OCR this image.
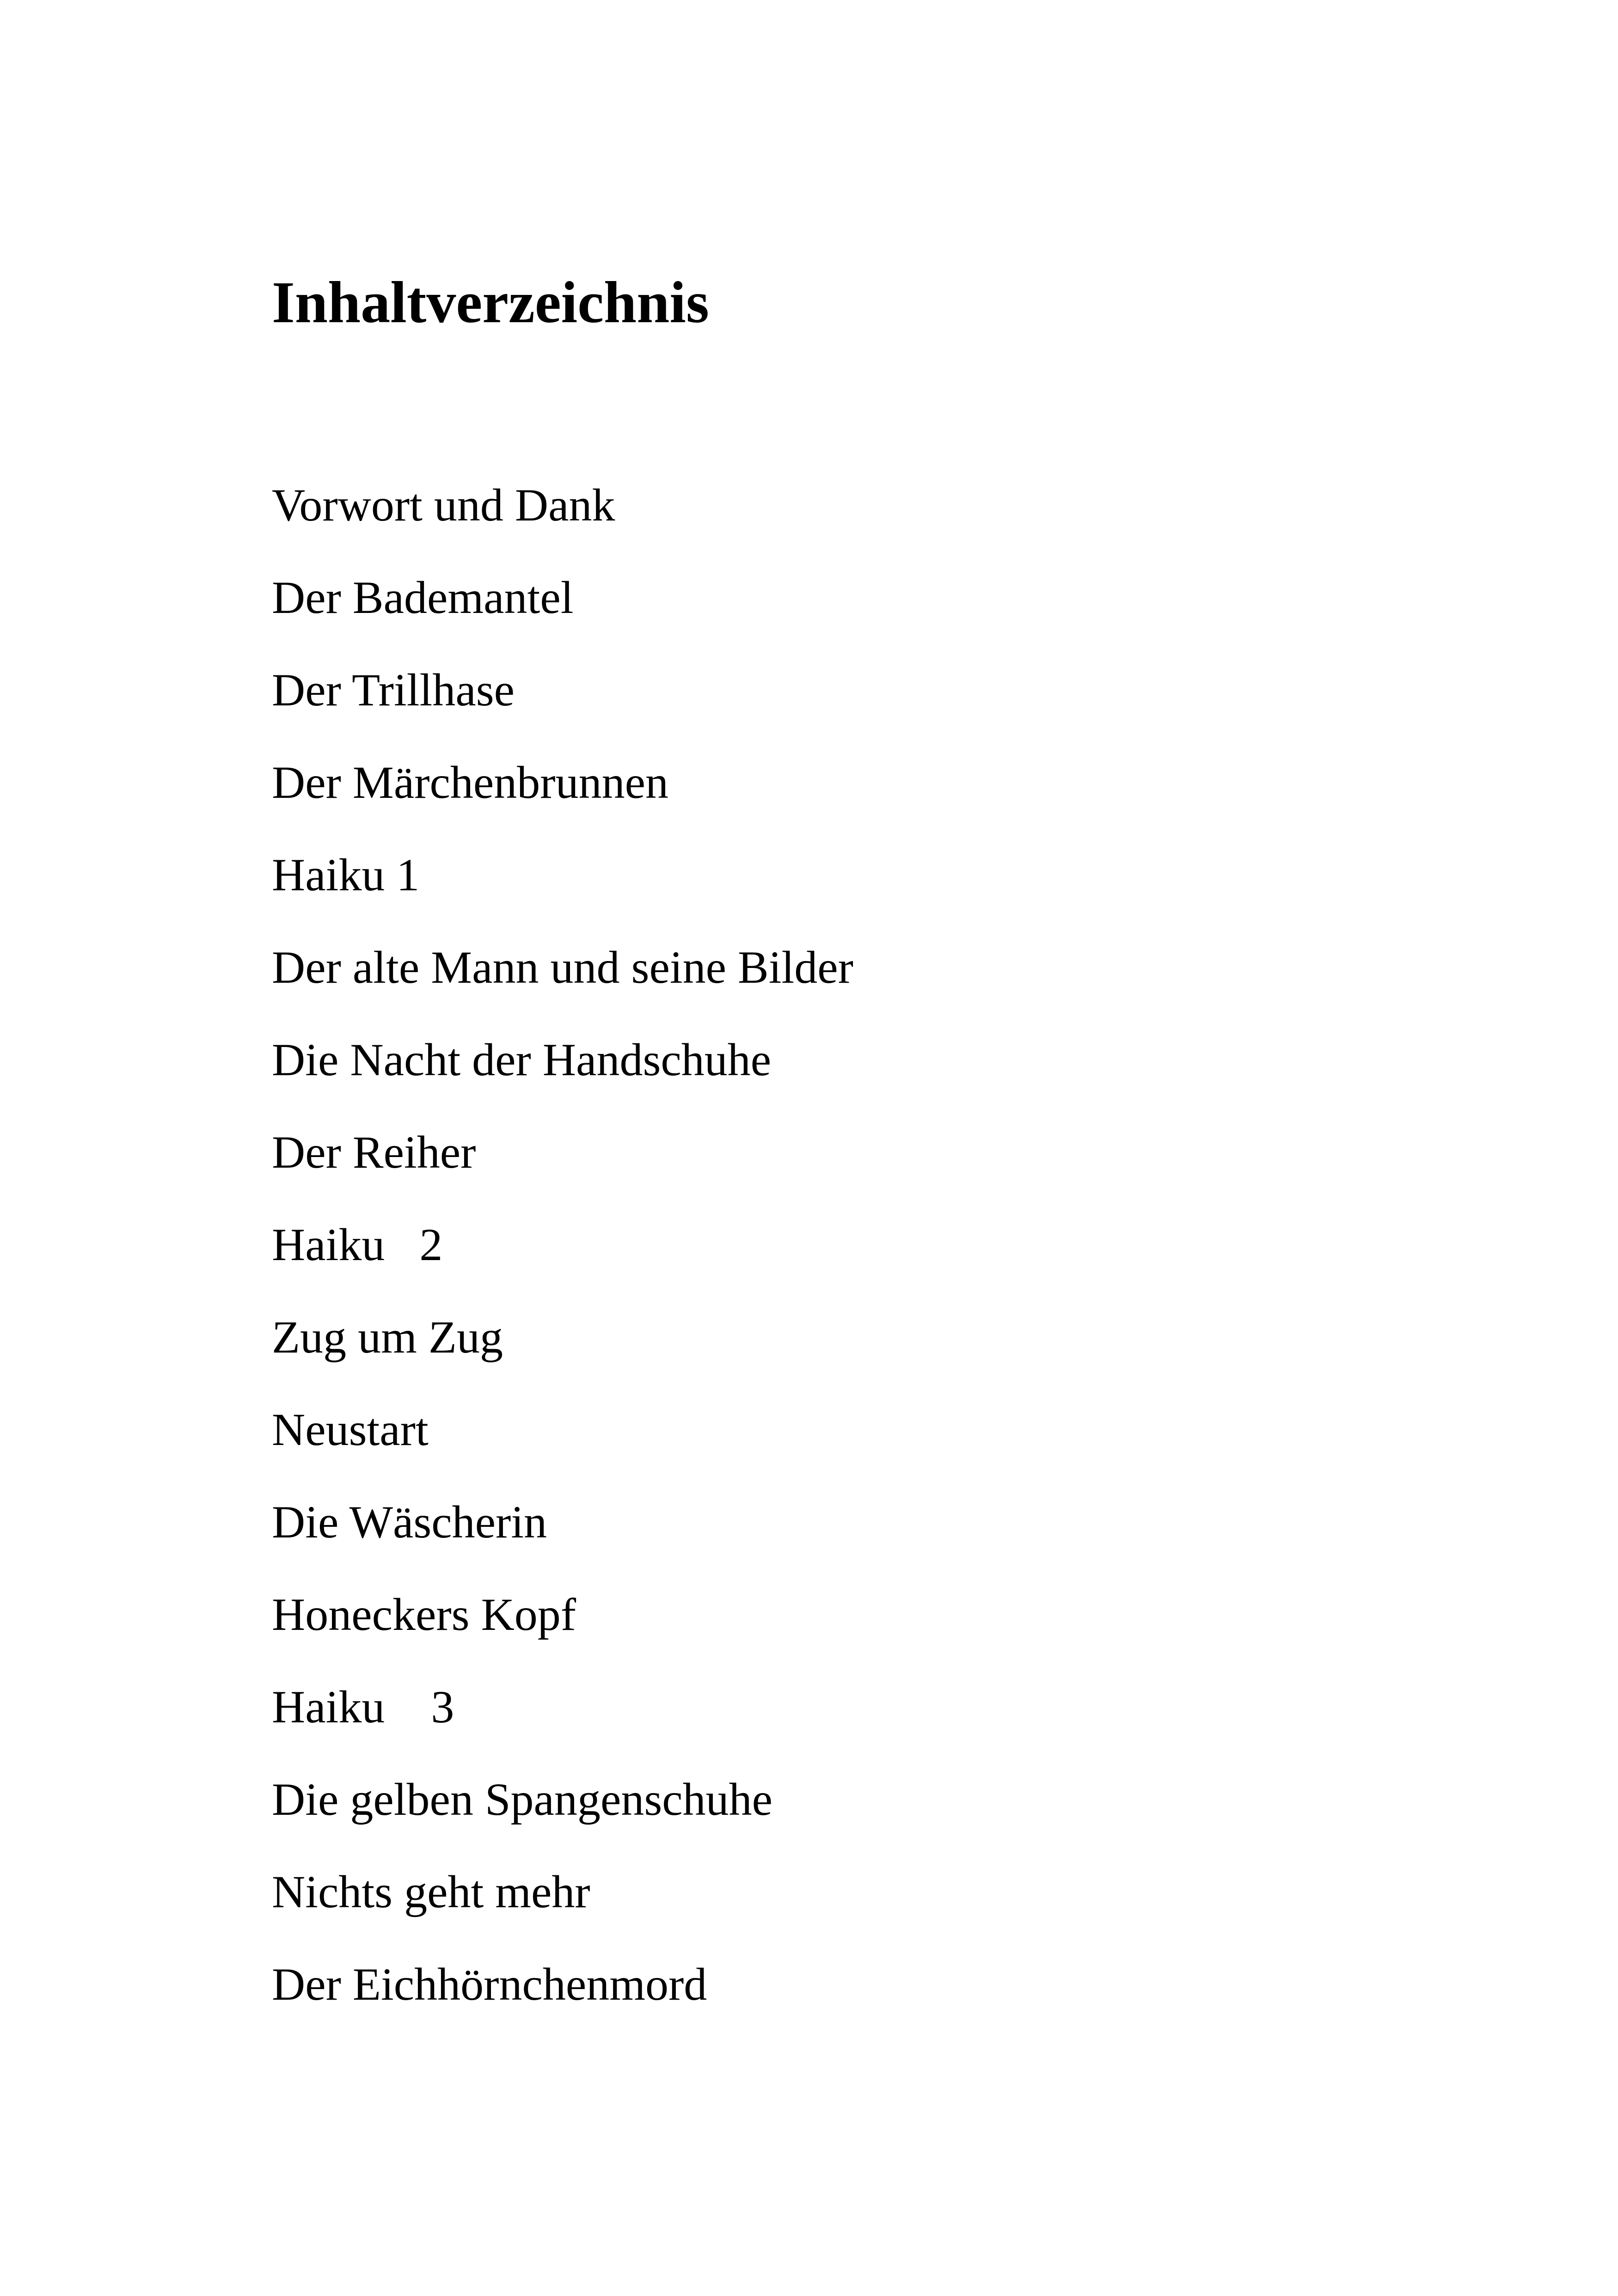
Inhaltverzeichnis
Vorwort und Dank
Der Bademantel
Der Trillhase
Der Märchenbrunnen
Haiku 1
Der alte Mann und seine Bilder
Die Nacht der Handschuhe
Der Reiher
Haiku   2
Zug um Zug
Neustart
Die Wäscherin
Honeckers Kopf
Haiku    3
Die gelben Spangenschuhe
Nichts geht mehr
Der Eichhörnchenmord
